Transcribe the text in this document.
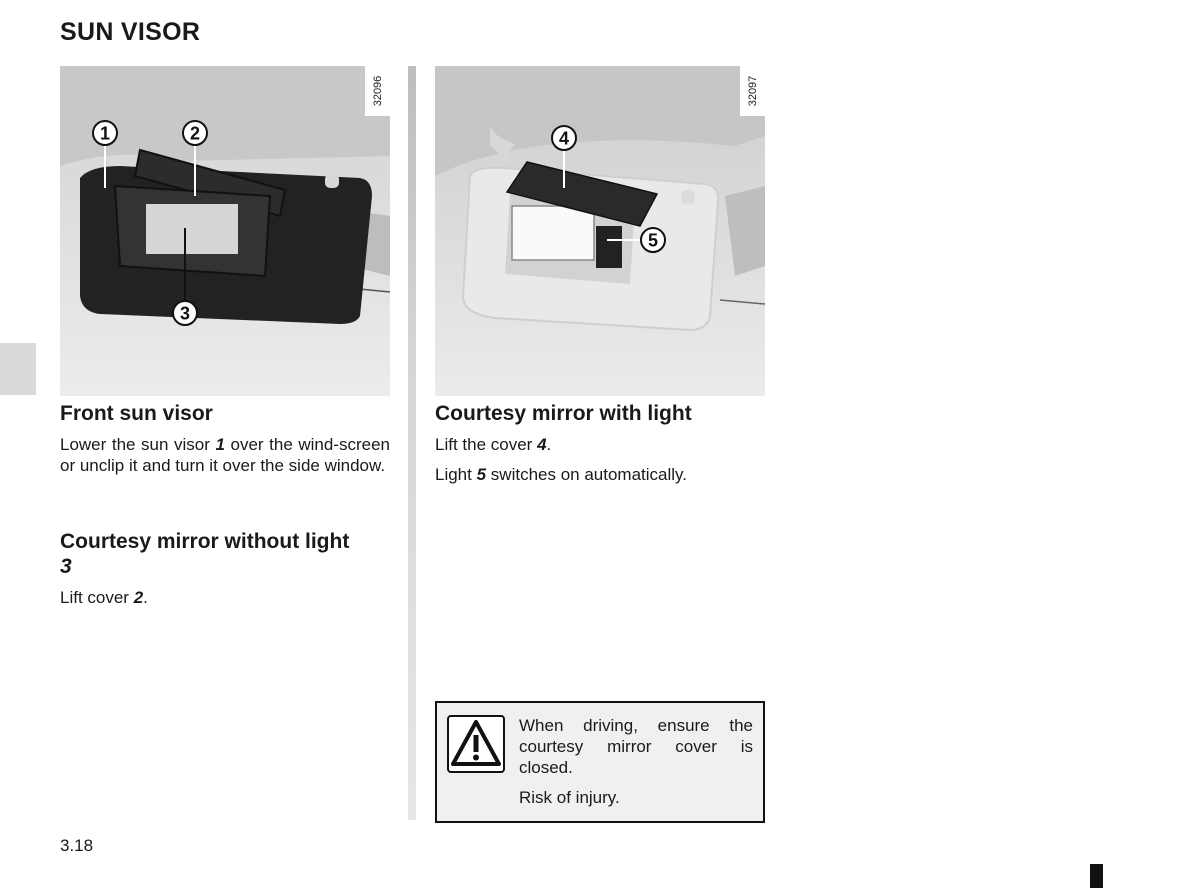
SUN VISOR
1	2
3
32096
4
5
32097
Front sun visor

Lower the sun visor 1 over the wind-screen or unclip it and turn it over the side window.

Courtesy mirror without light 3

Lift cover 2.

Courtesy mirror with light

Lift the cover 4.

Light 5 switches on automatically.

When driving, ensure the courtesy mirror cover is closed.

Risk of injury.

3.18
